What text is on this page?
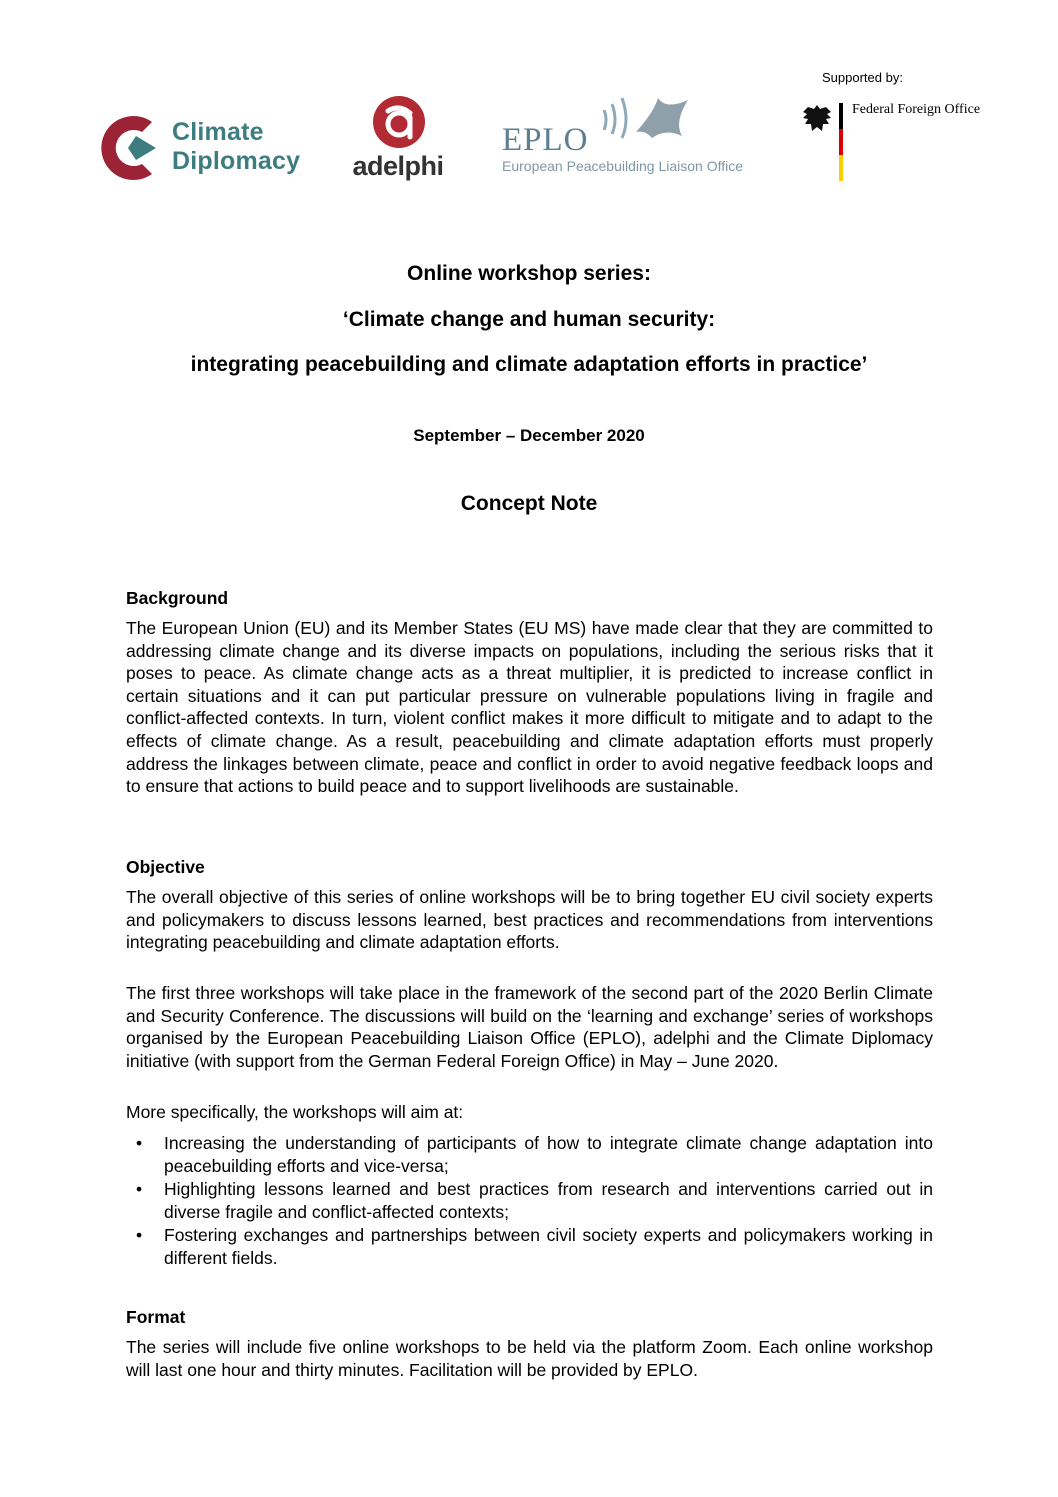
Supported by:
Climate
Diplomacy adelphi
EPLO
European Peacebuilding Liaison Office
Federal Foreign Office
Online workshop series:
‘Climate change and human security:
integrating peacebuilding and climate adaptation efforts in practice’
September – December 2020
Concept Note
Background

The European Union (EU) and its Member States (EU MS) have made clear that they are committed to addressing climate change and its diverse impacts on populations, including the serious risks that it poses to peace. As climate change acts as a threat multiplier, it is predicted to increase conflict in certain situations and it can put particular pressure on vulnerable populations living in fragile and conflict-affected contexts. In turn, violent conflict makes it more difficult to mitigate and to adapt to the effects of climate change. As a result, peacebuilding and climate adaptation efforts must properly address the linkages between climate, peace and conflict in order to avoid negative feedback loops and to ensure that actions to build peace and to support livelihoods are sustainable.

Objective

The overall objective of this series of online workshops will be to bring together EU civil society experts and policymakers to discuss lessons learned, best practices and recommendations from interventions integrating peacebuilding and climate adaptation efforts.

The first three workshops will take place in the framework of the second part of the 2020 Berlin Climate and Security Conference. The discussions will build on the ‘learning and exchange’ series of workshops organised by the European Peacebuilding Liaison Office (EPLO), adelphi and the Climate Diplomacy initiative (with support from the German Federal Foreign Office) in May – June 2020.

More specifically, the workshops will aim at:

• Increasing the understanding of participants of how to integrate climate change adaptation into peacebuilding efforts and vice-versa;
• Highlighting lessons learned and best practices from research and interventions carried out in diverse fragile and conflict-affected contexts;
• Fostering exchanges and partnerships between civil society experts and policymakers working in different fields.
Format

The series will include five online workshops to be held via the platform Zoom. Each online workshop will last one hour and thirty minutes. Facilitation will be provided by EPLO.
